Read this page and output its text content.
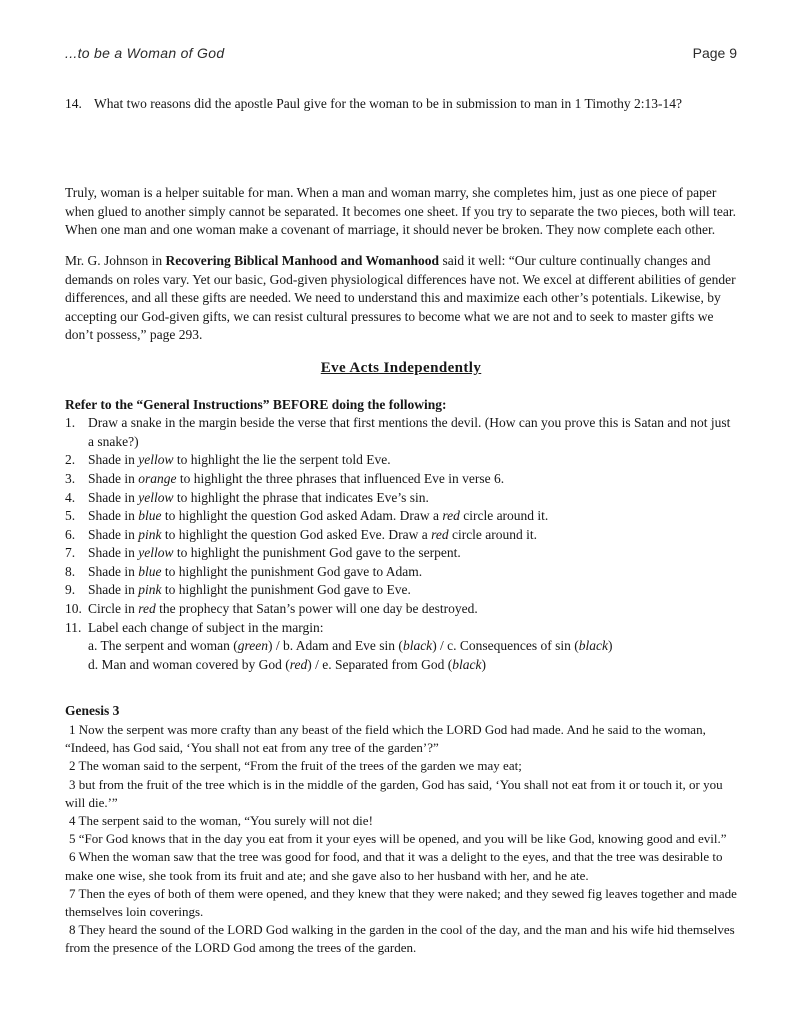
...to be a Woman of God	Page 9

14. What two reasons did the apostle Paul give for the woman to be in submission to man in 1 Timothy 2:13-14?

Truly, woman is a helper suitable for man. When a man and woman marry, she completes him, just as one piece of paper when glued to another simply cannot be separated. It becomes one sheet. If you try to separate the two pieces, both will tear. When one man and one woman make a covenant of marriage, it should never be broken. They now complete each other.

Mr. G. Johnson in Recovering Biblical Manhood and Womanhood said it well: “Our culture continually changes and demands on roles vary. Yet our basic, God-given physiological differences have not. We excel at different abilities of gender differences, and all these gifts are needed. We need to understand this and maximize each other’s potentials. Likewise, by accepting our God-given gifts, we can resist cultural pressures to become what we are not and to seek to master gifts we don’t possess,” page 293.

Eve Acts Independently

Refer to the “General Instructions” BEFORE doing the following:

1. Draw a snake in the margin beside the verse that first mentions the devil. (How can you prove this is Satan and not just a snake?)
2. Shade in yellow to highlight the lie the serpent told Eve.
3. Shade in orange to highlight the three phrases that influenced Eve in verse 6.
4. Shade in yellow to highlight the phrase that indicates Eve’s sin.
5. Shade in blue to highlight the question God asked Adam. Draw a red circle around it.
6. Shade in pink to highlight the question God asked Eve. Draw a red circle around it.
7. Shade in yellow to highlight the punishment God gave to the serpent.
8. Shade in blue to highlight the punishment God gave to Adam.
9. Shade in pink to highlight the punishment God gave to Eve.
10. Circle in red the prophecy that Satan’s power will one day be destroyed.
11. Label each change of subject in the margin:
a. The serpent and woman (green) / b. Adam and Eve sin (black) / c. Consequences of sin (black)
d. Man and woman covered by God (red) / e. Separated from God (black)

Genesis 3

1 Now the serpent was more crafty than any beast of the field which the LORD God had made. And he said to the woman, “Indeed, has God said, ‘You shall not eat from any tree of the garden’?”

2 The woman said to the serpent, “From the fruit of the trees of the garden we may eat;

3 but from the fruit of the tree which is in the middle of the garden, God has said, ‘You shall not eat from it or touch it, or you will die.’”

4 The serpent said to the woman, “You surely will not die!

5 “For God knows that in the day you eat from it your eyes will be opened, and you will be like God, knowing good and evil.”

6 When the woman saw that the tree was good for food, and that it was a delight to the eyes, and that the tree was desirable to make one wise, she took from its fruit and ate; and she gave also to her husband with her, and he ate.

7 Then the eyes of both of them were opened, and they knew that they were naked; and they sewed fig leaves together and made themselves loin coverings.

8 They heard the sound of the LORD God walking in the garden in the cool of the day, and the man and his wife hid themselves from the presence of the LORD God among the trees of the garden.
